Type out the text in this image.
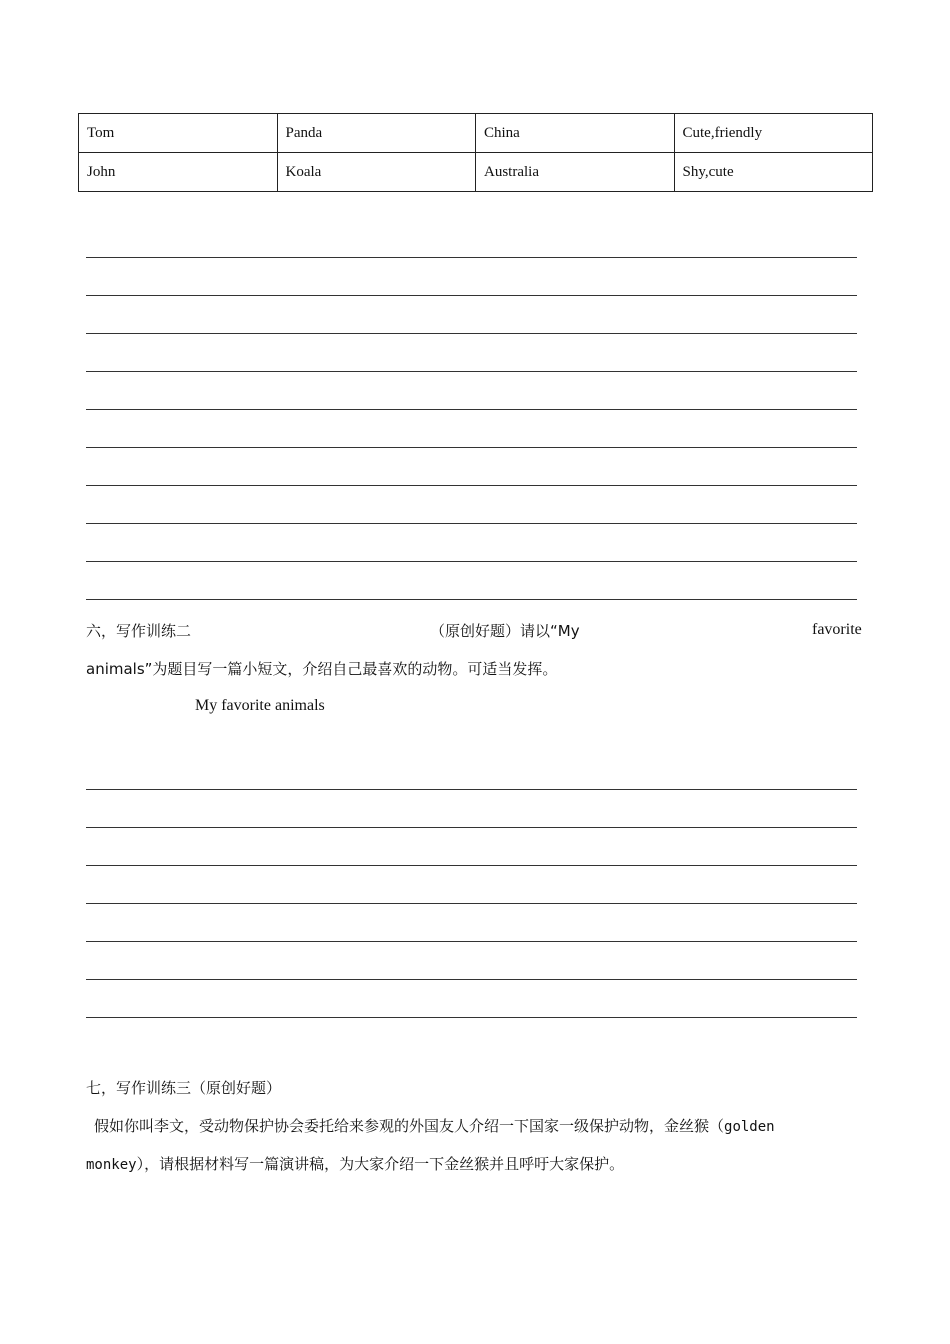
Tom	Panda	China	Cute,friendly
John	Koala	Australia	Shy,cute
六，写作训练二	（原创好题）请以“My	favorite
animals”为题目写一篇小短文，介绍自己最喜欢的动物。可适当发挥。
My favorite animals
七，写作训练三（原创好题）
假如你叫李文，受动物保护协会委托给来参观的外国友人介绍一下国家一级保护动物，金丝猴（golden
monkey），请根据材料写一篇演讲稿，为大家介绍一下金丝猴并且呼吁大家保护。
